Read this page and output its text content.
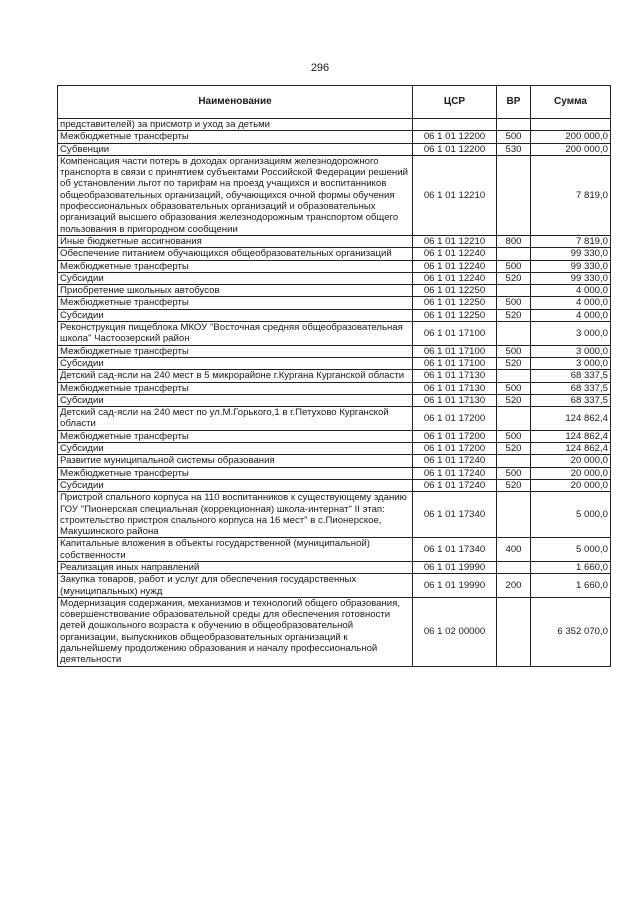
296
Наименование	ЦСР	ВР	Сумма
представителей) за присмотр и уход за детьми			
Межбюджетные трансферты	06 1 01 12200	500	200 000,0
Субвенции	06 1 01 12200	530	200 000,0
Компенсация части потерь в доходах организациям железнодорожного транспорта в связи с принятием субъектами Российской Федерации решений об установлении льгот по тарифам на проезд учащихся и воспитанников общеобразовательных организаций, обучающихся очной формы обучения профессиональных образовательных организаций и образовательных организаций высшего образования железнодорожным транспортом общего пользования в пригородном сообщении	06 1 01 12210		7 819,0
Иные бюджетные ассигнования	06 1 01 12210	800	7 819,0
Обеспечение питанием обучающихся общеобразовательных организаций	06 1 01 12240		99 330,0
Межбюджетные трансферты	06 1 01 12240	500	99 330,0
Субсидии	06 1 01 12240	520	99 330,0
Приобретение школьных автобусов	06 1 01 12250		4 000,0
Межбюджетные трансферты	06 1 01 12250	500	4 000,0
Субсидии	06 1 01 12250	520	4 000,0
Реконструкция пищеблока МКОУ "Восточная средняя общеобразовательная школа" Частоозерский район	06 1 01 17100		3 000,0
Межбюджетные трансферты	06 1 01 17100	500	3 000,0
Субсидии	06 1 01 17100	520	3 000,0
Детский сад-ясли на 240 мест в 5 микрорайоне г.Кургана Курганской области	06 1 01 17130		68 337,5
Межбюджетные трансферты	06 1 01 17130	500	68 337,5
Субсидии	06 1 01 17130	520	68 337,5
Детский сад-ясли на 240 мест по ул.М.Горького,1 в г.Петухово Курганской области	06 1 01 17200		124 862,4
Межбюджетные трансферты	06 1 01 17200	500	124 862,4
Субсидии	06 1 01 17200	520	124 862,4
Развитие муниципальной системы образования	06 1 01 17240		20 000,0
Межбюджетные трансферты	06 1 01 17240	500	20 000,0
Субсидии	06 1 01 17240	520	20 000,0
Пристрой спального корпуса на 110 воспитанников к существующему зданию ГОУ "Пионерская специальная (коррекционная) школа-интернат" II этап: строительство пристроя спального корпуса на 16 мест" в с.Пионерское, Макушинского района	06 1 01 17340		5 000,0
Капитальные вложения в объекты государственной (муниципальной) собственности	06 1 01 17340	400	5 000,0
Реализация иных направлений	06 1 01 19990		1 660,0
Закупка товаров, работ и услуг для обеспечения государственных (муниципальных) нужд	06 1 01 19990	200	1 660,0
Модернизация содержания, механизмов и технологий общего образования, совершенствование образовательной среды для обеспечения готовности детей дошкольного возраста к обучению в общеобразовательной организации, выпускников общеобразовательных организаций к дальнейшему продолжению образования и началу профессиональной деятельности	06 1 02 00000		6 352 070,0
